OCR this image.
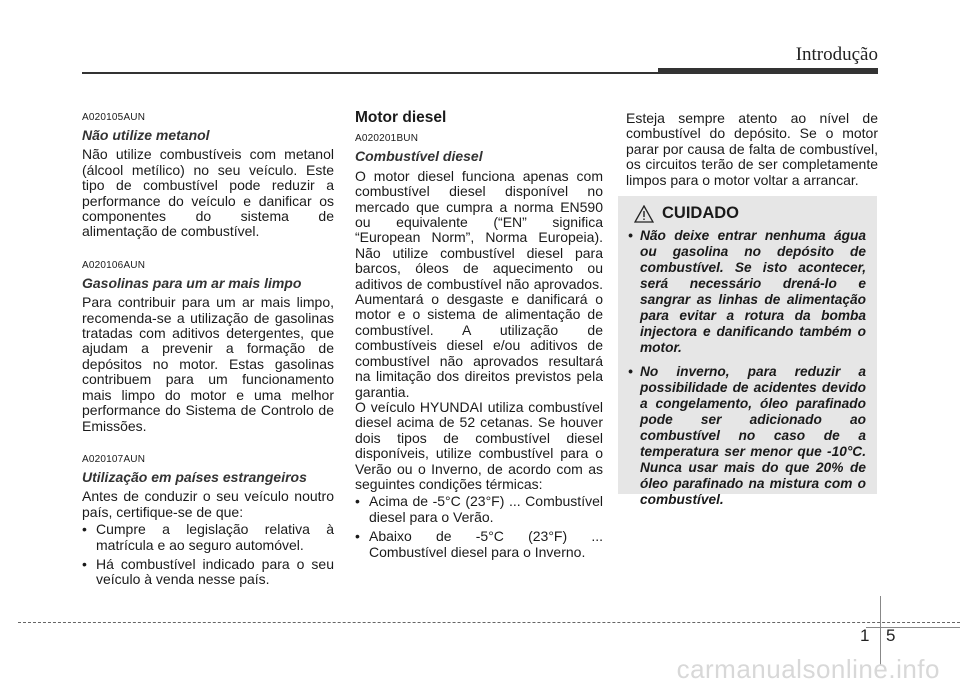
Introdução
A020105AUN
Não utilize metanol

Não utilize combustíveis com metanol (álcool metílico) no seu veículo. Este tipo de combustível pode reduzir a performance do veículo e danificar os componentes do sistema de alimentação de combustível.

A020106AUN
Gasolinas para um ar mais limpo

Para contribuir para um ar mais limpo, recomenda-se a utilização de gasolinas tratadas com aditivos detergentes, que ajudam a prevenir a formação de depósitos no motor. Estas gasolinas contribuem para um funcionamento mais limpo do motor e uma melhor performance do Sistema de Controlo de Emissões.

A020107AUN
Utilização em países estrangeiros

Antes de conduzir o seu veículo noutro país, certifique-se de que:

• Cumpre a legislação relativa à matrícula e ao seguro automóvel.
• Há combustível indicado para o seu veículo à venda nesse país.
Motor diesel
A020201BUN
Combustível diesel

O motor diesel funciona apenas com combustível diesel disponível no mercado que cumpra a norma EN590 ou equivalente (“EN” significa “European Norm”, Norma Europeia). Não utilize combustível diesel para barcos, óleos de aquecimento ou aditivos de combustível não aprovados. Aumentará o desgaste e danificará o motor e o sistema de alimentação de combustível. A utilização de combustíveis diesel e/ou aditivos de combustível não aprovados resultará na limitação dos direitos previstos pela garantia.

O veículo HYUNDAI utiliza combustível diesel acima de 52 cetanas. Se houver dois tipos de combustível diesel disponíveis, utilize combustível para o Verão ou o Inverno, de acordo com as seguintes condições térmicas:

• Acima de -5°C (23°F) ... Combustível diesel para o Verão.
• Abaixo de -5°C (23°F) ... Combustível diesel para o Inverno.

Esteja sempre atento ao nível de combustível do depósito. Se o motor parar por causa de falta de combustível, os circuitos terão de ser completamente limpos para o motor voltar a arrancar.

CUIDADO
• Não deixe entrar nenhuma água ou gasolina no depósito de combustível. Se isto acontecer, será necessário drená-lo e sangrar as linhas de alimentação para evitar a rotura da bomba injectora e danificando também o motor.
• No inverno, para reduzir a possibilidade de acidentes devido a congelamento, óleo parafinado pode ser adicionado ao combustível no caso de a temperatura ser menor que -10°C. Nunca usar mais do que 20% de óleo parafinado na mistura com o combustível.
1 5
carmanualsonline.info
